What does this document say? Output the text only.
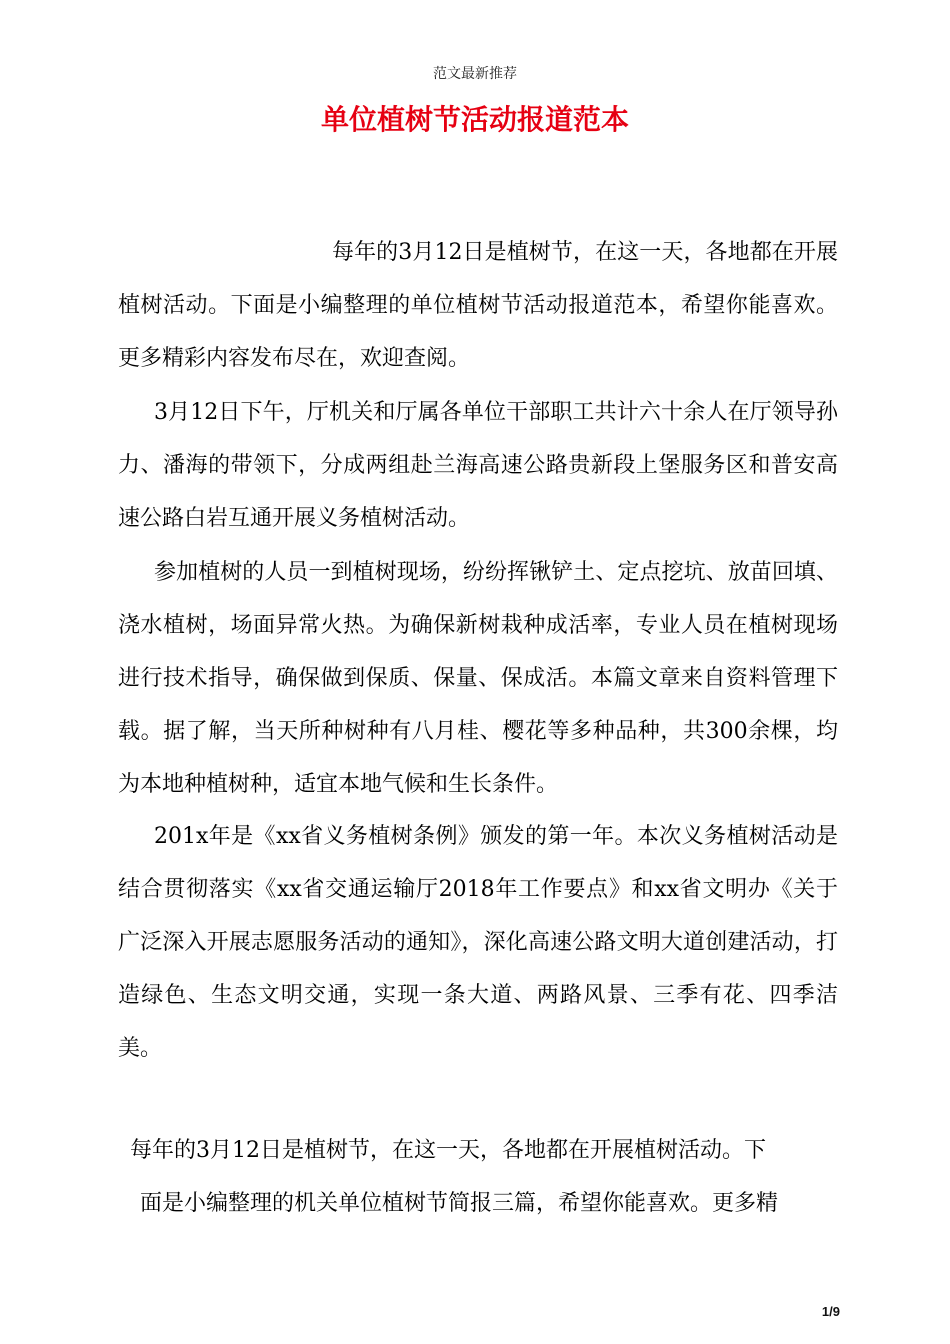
范文最新推荐
单位植树节活动报道范本

每年的3月12日是植树节，在这一天，各地都在开展植树活动。下面是小编整理的单位植树节活动报道范本，希望你能喜欢。更多精彩内容发布尽在，欢迎查阅。

3月12日下午，厅机关和厅属各单位干部职工共计六十余人在厅领导孙力、潘海的带领下，分成两组赴兰海高速公路贵新段上堡服务区和普安高速公路白岩互通开展义务植树活动。

参加植树的人员一到植树现场，纷纷挥锹铲土、定点挖坑、放苗回填、浇水植树，场面异常火热。为确保新树栽种成活率，专业人员在植树现场进行技术指导，确保做到保质、保量、保成活。本篇文章来自资料管理下载。据了解，当天所种树种有八月桂、樱花等多种品种，共300余棵，均为本地种植树种，适宜本地气候和生长条件。

201x年是《xx省义务植树条例》颁发的第一年。本次义务植树活动是结合贯彻落实《xx省交通运输厅2018年工作要点》和xx省文明办《关于广泛深入开展志愿服务活动的通知》，深化高速公路文明大道创建活动，打造绿色、生态文明交通，实现一条大道、两路风景、三季有花、四季洁美。

每年的3月12日是植树节，在这一天，各地都在开展植树活动。下
面是小编整理的机关单位植树节简报三篇，希望你能喜欢。更多精
1/9
